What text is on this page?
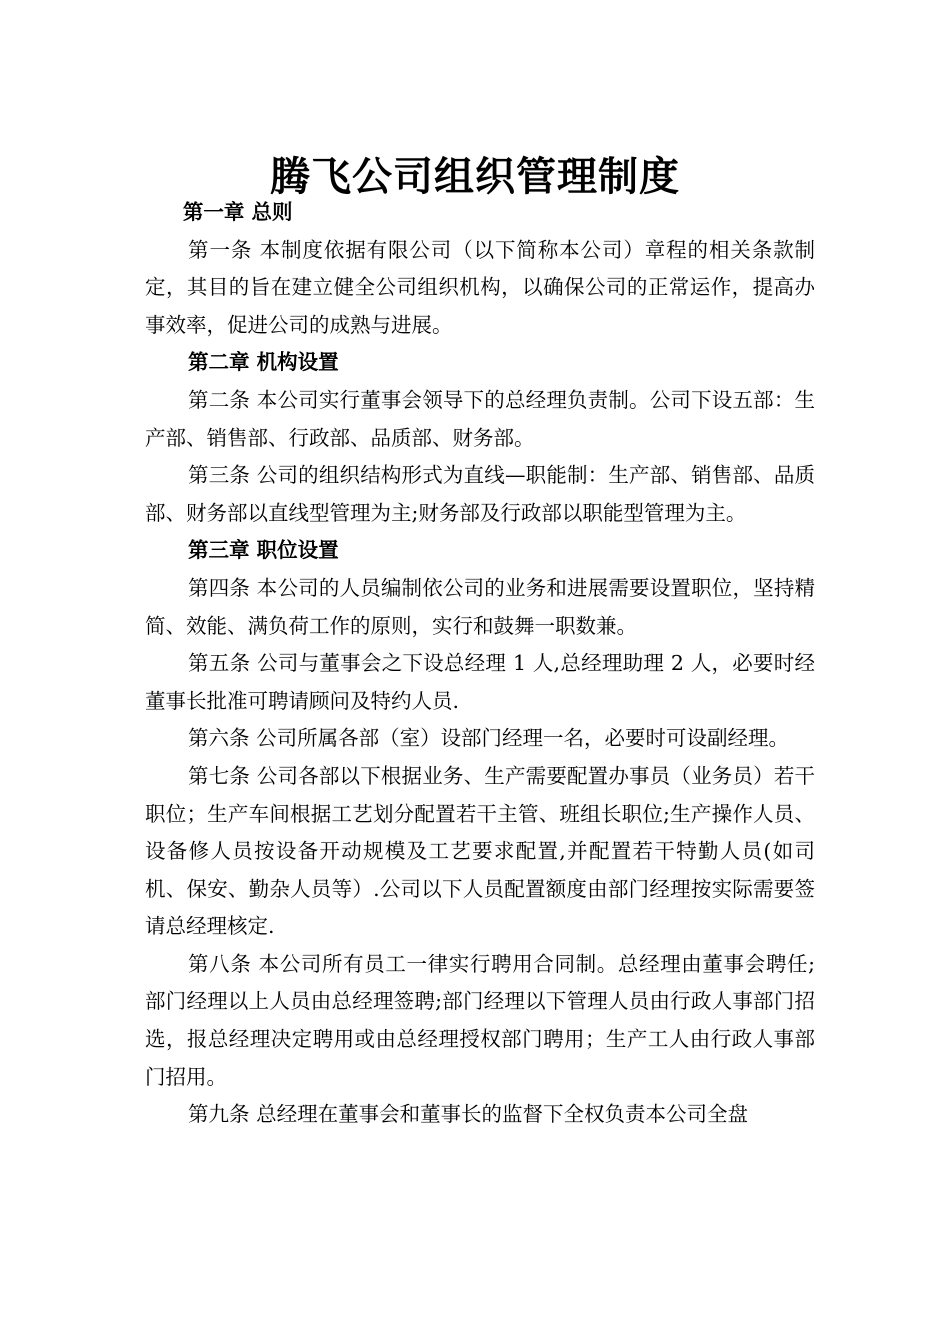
腾飞公司组织管理制度
第一章 总则

第一条 本制度依据有限公司（以下简称本公司）章程的相关条款制定，其目的旨在建立健全公司组织机构，以确保公司的正常运作，提高办事效率，促进公司的成熟与进展。

第二章 机构设置

第二条 本公司实行董事会领导下的总经理负责制。公司下设五部：生产部、销售部、行政部、品质部、财务部。

第三条 公司的组织结构形式为直线—职能制：生产部、销售部、品质部、财务部以直线型管理为主;财务部及行政部以职能型管理为主。

第三章 职位设置

第四条 本公司的人员编制依公司的业务和进展需要设置职位，坚持精简、效能、满负荷工作的原则，实行和鼓舞一职数兼。

第五条 公司与董事会之下设总经理 1 人,总经理助理 2 人，必要时经董事长批准可聘请顾问及特约人员.

第六条 公司所属各部（室）设部门经理一名，必要时可设副经理。

第七条 公司各部以下根据业务、生产需要配置办事员（业务员）若干职位；生产车间根据工艺划分配置若干主管、班组长职位;生产操作人员、设备修人员按设备开动规模及工艺要求配置,并配置若干特勤人员(如司机、保安、勤杂人员等）.公司以下人员配置额度由部门经理按实际需要签请总经理核定.

第八条 本公司所有员工一律实行聘用合同制。总经理由董事会聘任;部门经理以上人员由总经理签聘;部门经理以下管理人员由行政人事部门招选，报总经理决定聘用或由总经理授权部门聘用；生产工人由行政人事部门招用。

第九条 总经理在董事会和董事长的监督下全权负责本公司全盘
